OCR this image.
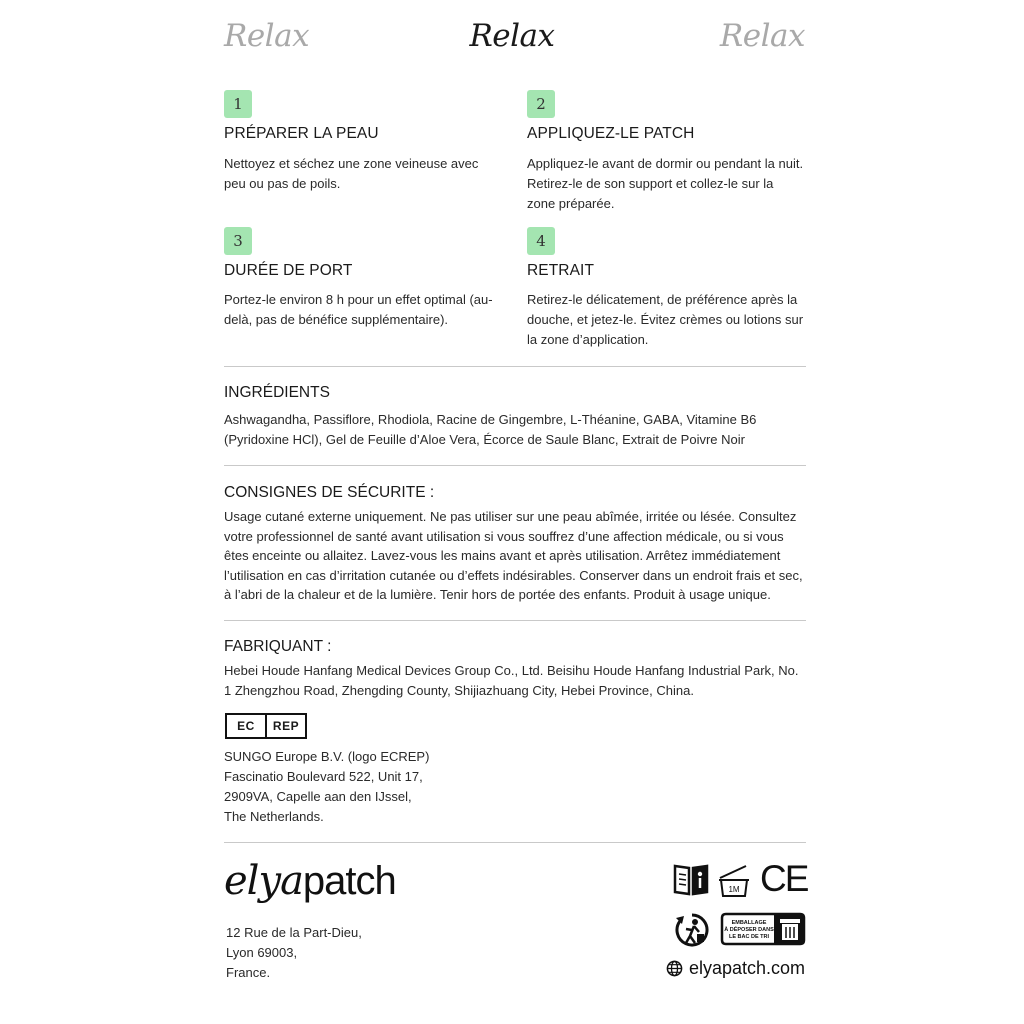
Relax	Relax	Relax
1
PRÉPARER LA PEAU
Nettoyez et séchez une zone veineuse avec
peu ou pas de poils.
2
APPLIQUEZ-LE PATCH
Appliquez-le avant de dormir ou pendant la nuit.
Retirez-le de son support et collez-le sur la
zone préparée.
3
DURÉE DE PORT
Portez-le environ 8 h pour un effet optimal (au-
delà, pas de bénéfice supplémentaire).
4
RETRAIT
Retirez-le délicatement, de préférence après la
douche, et jetez-le. Évitez crèmes ou lotions sur
la zone d’application.
INGRÉDIENTS
Ashwagandha, Passiflore, Rhodiola, Racine de Gingembre, L-Théanine, GABA, Vitamine B6
(Pyridoxine HCl), Gel de Feuille d’Aloe Vera, Écorce de Saule Blanc, Extrait de Poivre Noir
CONSIGNES DE SÉCURITE :
Usage cutané externe uniquement. Ne pas utiliser sur une peau abîmée, irritée ou lésée. Consultez
votre professionnel de santé avant utilisation si vous souffrez d’une affection médicale, ou si vous
êtes enceinte ou allaitez. Lavez-vous les mains avant et après utilisation. Arrêtez immédiatement
l’utilisation en cas d’irritation cutanée ou d’effets indésirables. Conserver dans un endroit frais et sec,
à l’abri de la chaleur et de la lumière. Tenir hors de portée des enfants. Produit à usage unique.
FABRIQUANT :
Hebei Houde Hanfang Medical Devices Group Co., Ltd. Beisihu Houde Hanfang Industrial Park, No.
1 Zhengzhou Road, Zhengding County, Shijiazhuang City, Hebei Province, China.
EC	REP
SUNGO Europe B.V. (logo ECREP)
Fascinatio Boulevard 522, Unit 17,
2909VA, Capelle aan den IJssel,
The Netherlands.
elyapatch
12 Rue de la Part-Dieu,
Lyon 69003,
France.
1M CE
EMBALLAGE
À DÉPOSER DANS
LE BAC DE TRI
elyapatch.com
